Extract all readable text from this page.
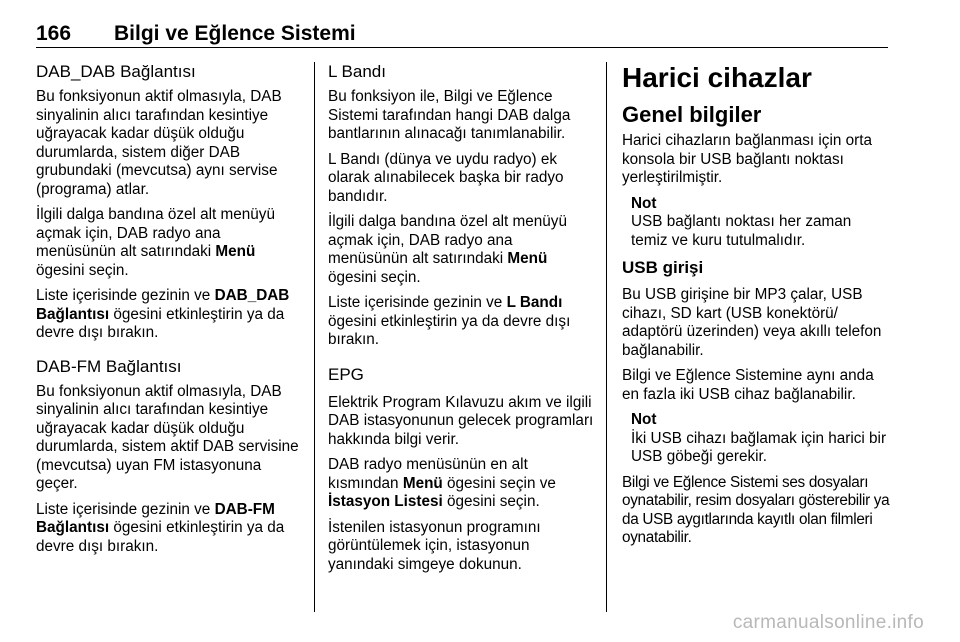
166 Bilgi ve Eğlence Sistemi
DAB_DAB Bağlantısı

Bu fonksiyonun aktif olmasıyla, DAB sinyalinin alıcı tarafından kesintiye uğrayacak kadar düşük olduğu durumlarda, sistem diğer DAB grubundaki (mevcutsa) aynı servise (programa) atlar.

İlgili dalga bandına özel alt menüyü açmak için, DAB radyo ana menüsünün alt satırındaki Menü ögesini seçin.

Liste içerisinde gezinin ve DAB_DAB Bağlantısı ögesini etkinleştirin ya da devre dışı bırakın.

DAB-FM Bağlantısı

Bu fonksiyonun aktif olmasıyla, DAB sinyalinin alıcı tarafından kesintiye uğrayacak kadar düşük olduğu durumlarda, sistem aktif DAB servisine (mevcutsa) uyan FM istasyonuna geçer.

Liste içerisinde gezinin ve DAB-FM Bağlantısı ögesini etkinleştirin ya da devre dışı bırakın.

L Bandı

Bu fonksiyon ile, Bilgi ve Eğlence Sistemi tarafından hangi DAB dalga bantlarının alınacağı tanımlanabilir.

L Bandı (dünya ve uydu radyo) ek olarak alınabilecek başka bir radyo bandıdır.

İlgili dalga bandına özel alt menüyü açmak için, DAB radyo ana menüsünün alt satırındaki Menü ögesini seçin.

Liste içerisinde gezinin ve L Bandı ögesini etkinleştirin ya da devre dışı bırakın.

EPG

Elektrik Program Kılavuzu akım ve ilgili DAB istasyonunun gelecek programları hakkında bilgi verir.

DAB radyo menüsünün en alt kısmından Menü ögesini seçin ve İstasyon Listesi ögesini seçin.

İstenilen istasyonun programını görüntülemek için, istasyonun yanındaki simgeye dokunun.

Harici cihazlar
Genel bilgiler

Harici cihazların bağlanması için orta konsola bir USB bağlantı noktası yerleştirilmiştir.

Not
USB bağlantı noktası her zaman temiz ve kuru tutulmalıdır.
USB girişi

Bu USB girişine bir MP3 çalar, USB cihazı, SD kart (USB konektörü/ adaptörü üzerinden) veya akıllı telefon bağlanabilir.

Bilgi ve Eğlence Sistemine aynı anda en fazla iki USB cihaz bağlanabilir.

Not
İki USB cihazı bağlamak için harici bir USB göbeği gerekir.

Bilgi ve Eğlence Sistemi ses dosyaları oynatabilir, resim dosyaları gösterebilir ya da USB aygıtlarında kayıtlı olan filmleri oynatabilir.

carmanualsonline.info
